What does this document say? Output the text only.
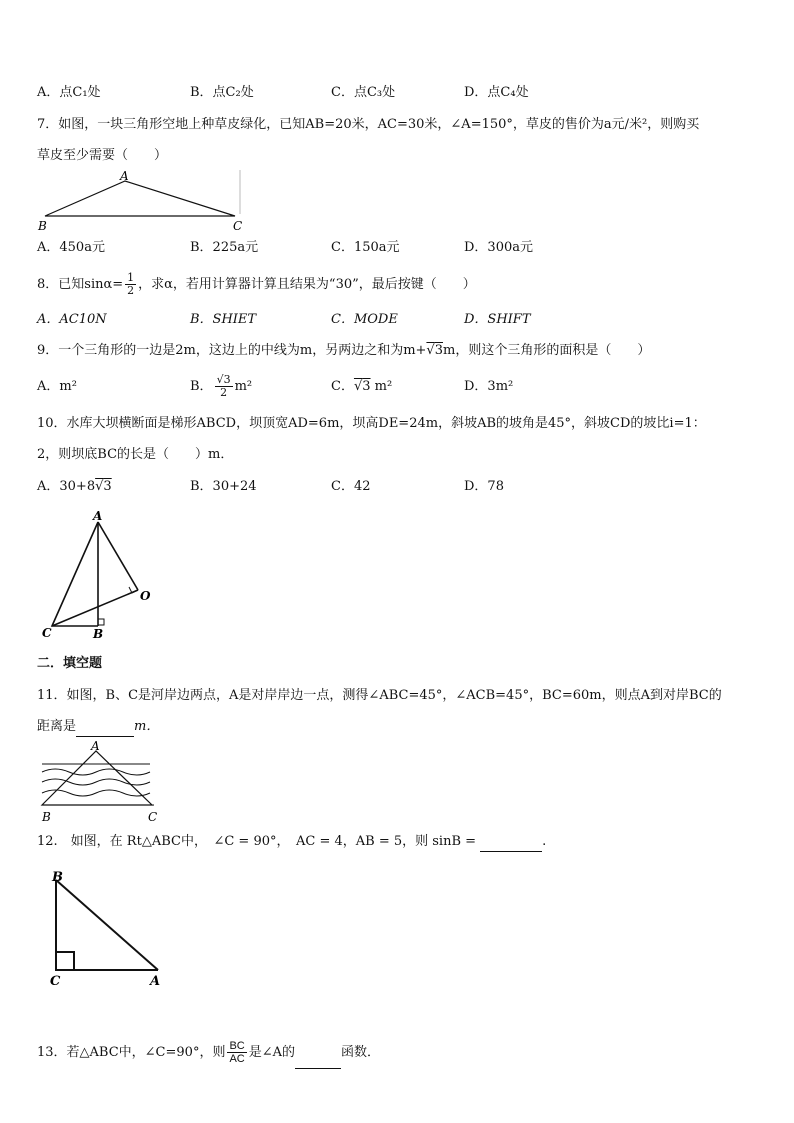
A．点C₁处	B．点C₂处	C．点C₃处	D．点C₄处
7．如图，一块三角形空地上种草皮绿化，已知AB=20米，AC=30米，∠A=150°，草皮的售价为a元/米²，则购买
草皮至少需要（　　）
A
B	C
A．450a元	B．225a元	C．150a元	D．300a元
8．已知$\sin\alpha= \frac{1}{2}$ ，求α，若用计算器计算且结果为“30”，最后按键（　　）
A．AC10N	B．SHIET	C．MODE	D．SHIFT
9．一个三角形的一边是2m，这边上的中线为m，另两边之和为m+√3m，则这个三角形的面积是（　　）
A．m²	B． $\frac{√3}{2} m^2$	C．√3 m²	D．3m²
10．水库大坝横断面是梯形ABCD，坝顶宽AD=6m，坝高DE=24m，斜坡AB的坡角是45°，斜坡CD的坡比i=1：
2，则坝底BC的长是（　　）m．
A．30+8√3	B．30+24	C．42	D．78
A
C	B
O
二．填空题
11．如图，B、C是河岸边两点，A是对岸岸边一点，测得∠ABC=45°，∠ACB=45°，BC=60m，则点A到对岸BC的
距离是	m．
A
B	C
12.　如图，在 Rt△ABC中，　∠C = 90°，　AC = 4，AB = 5，则 sinB =	.
B
C	A
13．若△ABC中，∠C=90°，则 $\frac{BC}{AC}$ 是∠A的	函数．
